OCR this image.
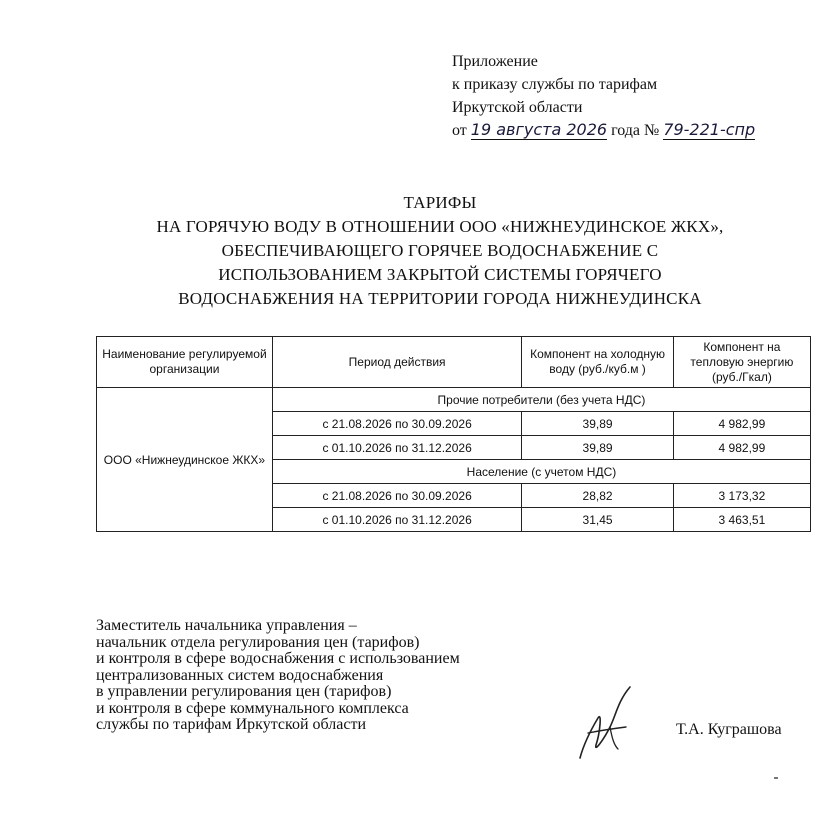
Приложение
к приказу службы по тарифам
Иркутской области
от 19 августа 2026 года № 79-221-спр
ТАРИФЫ
НА ГОРЯЧУЮ ВОДУ В ОТНОШЕНИИ ООО «НИЖНЕУДИНСКОЕ ЖКХ»,
ОБЕСПЕЧИВАЮЩЕГО ГОРЯЧЕЕ ВОДОСНАБЖЕНИЕ С
ИСПОЛЬЗОВАНИЕМ ЗАКРЫТОЙ СИСТЕМЫ ГОРЯЧЕГО
ВОДОСНАБЖЕНИЯ НА ТЕРРИТОРИИ ГОРОДА НИЖНЕУДИНСКА
Наименование регулируемой организации	Период действия	Компонент на холодную воду (руб./куб.м )	Компонент на тепловую энергию (руб./Гкал)
ООО «Нижнеудинское ЖКХ»	Прочие потребители (без учета НДС)		
	с 21.08.2026 по 30.09.2026	39,89	4 982,99
	с 01.10.2026 по 31.12.2026	39,89	4 982,99
	Население (с учетом НДС)		
	с 21.08.2026 по 30.09.2026	28,82	3 173,32
	с 01.10.2026 по 31.12.2026	31,45	3 463,51
Заместитель начальника управления –
начальник отдела регулирования цен (тарифов)
и контроля в сфере водоснабжения с использованием
централизованных систем водоснабжения
в управлении регулирования цен (тарифов)
и контроля в сфере коммунального комплекса
службы по тарифам Иркутской области	Т.А. Куграшова
